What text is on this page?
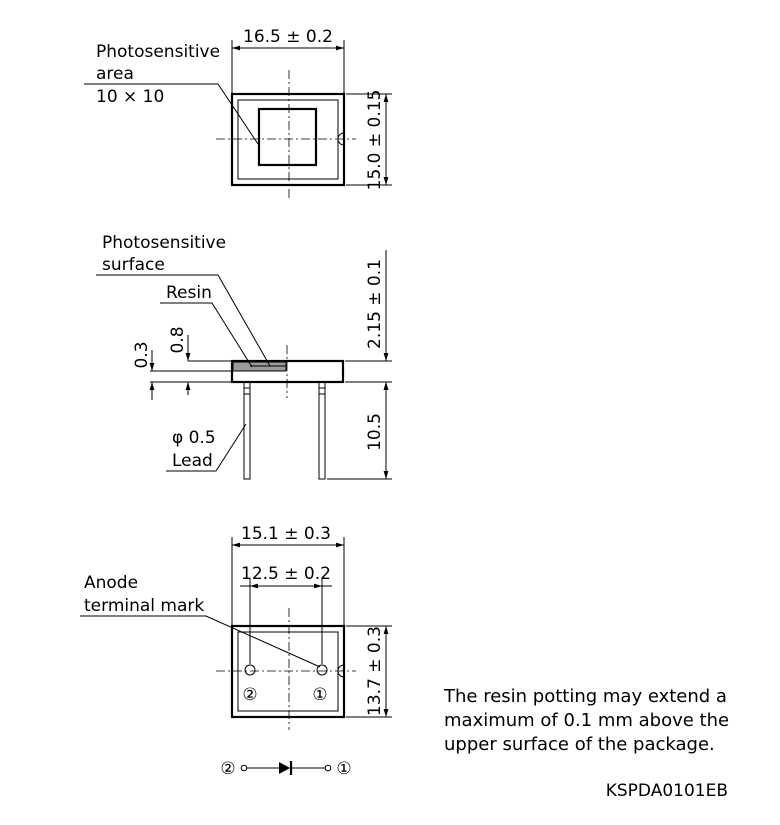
16.5 ± 0.2
15.0 ± 0.15
Photosensitive
area
10 × 10
Photosensitive
surface
Resin
0.8
0.3
2.15 ± 0.1
10.5
φ 0.5
Lead
②	①
15.1 ± 0.3
12.5 ± 0.2
13.7 ± 0.3
Anode
terminal mark
②	①
The resin potting may extend a
maximum of 0.1 mm above the
upper surface of the package.
KSPDA0101EB
